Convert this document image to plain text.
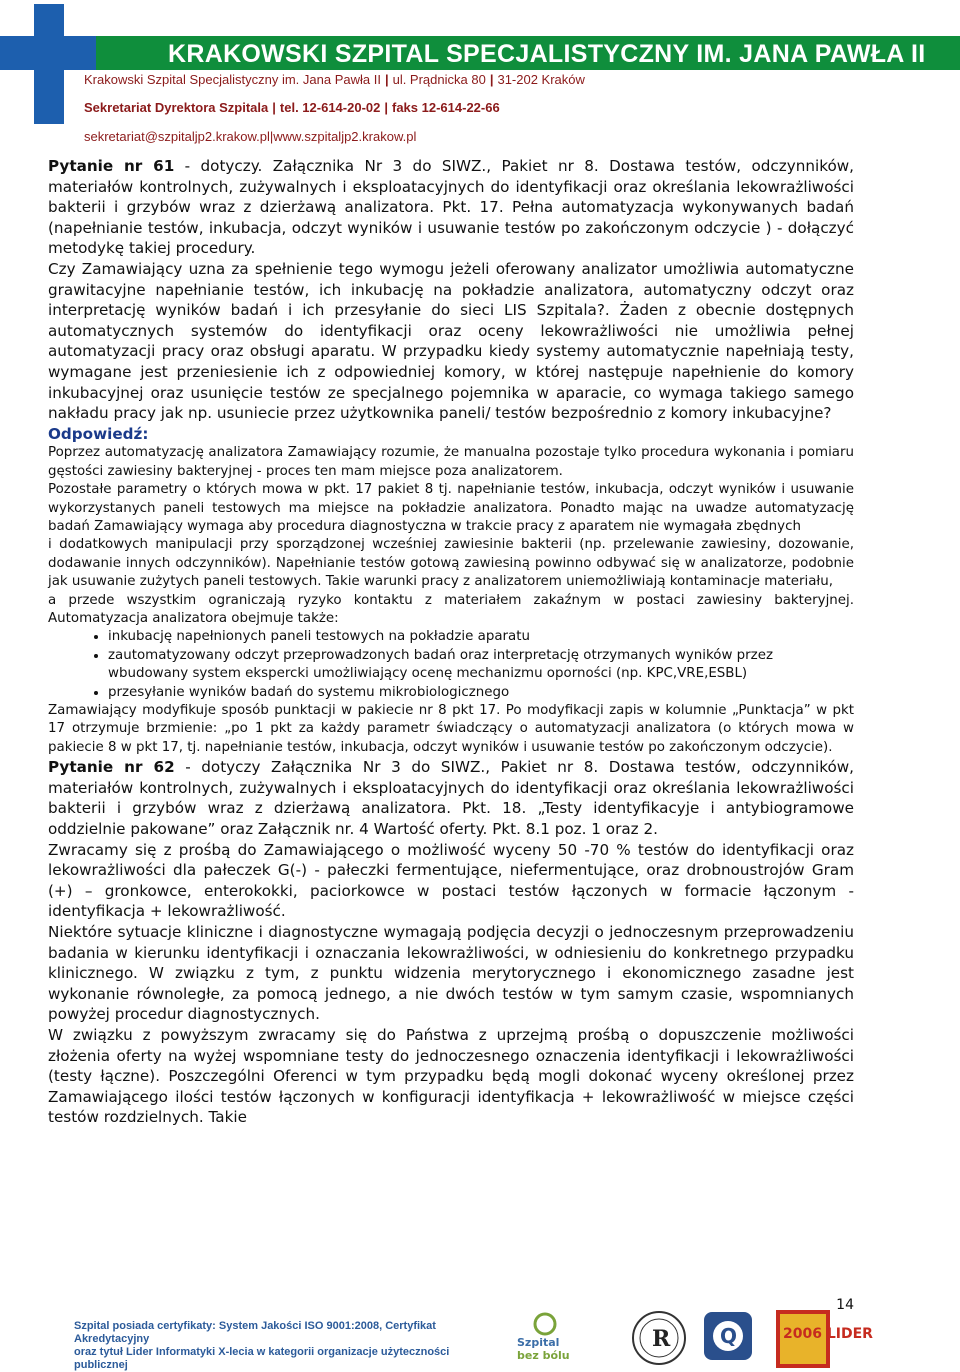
KRAKOWSKI SZPITAL SPECJALISTYCZNY IM. JANA PAWŁA II
Krakowski Szpital Specjalistyczny im. Jana Pawła II | ul. Prądnicka 80 | 31-202 Kraków
Sekretariat Dyrektora Szpitala | tel. 12-614-20-02 | faks 12-614-22-66
sekretariat@szpitaljp2.krakow.pl|www.szpitaljp2.krakow.pl

Pytanie nr 61 - dotyczy. Załącznika Nr 3 do SIWZ., Pakiet nr 8. Dostawa testów, odczynników, materiałów kontrolnych, zużywalnych i eksploatacyjnych do identyfikacji oraz określania lekowrażliwości bakterii i grzybów wraz z dzierżawą analizatora. Pkt. 17. Pełna automatyzacja wykonywanych badań (napełnianie testów, inkubacja, odczyt wyników i usuwanie testów po zakończonym odczycie ) - dołączyć metodykę takiej procedury.

Czy Zamawiający uzna za spełnienie tego wymogu jeżeli oferowany analizator umożliwia automatyczne grawitacyjne napełnianie testów, ich inkubację na pokładzie analizatora, automatyczny odczyt oraz interpretację wyników badań i ich przesyłanie do sieci LIS Szpitala?. Żaden z obecnie dostępnych automatycznych systemów do identyfikacji oraz oceny lekowrażliwości nie umożliwia pełnej automatyzacji pracy oraz obsługi aparatu. W przypadku kiedy systemy automatycznie napełniają testy, wymagane jest przeniesienie ich z odpowiedniej komory, w której następuje napełnienie do komory inkubacyjnej oraz usunięcie testów ze specjalnego pojemnika w aparacie, co wymaga takiego samego nakładu pracy jak np. usuniecie przez użytkownika paneli/ testów bezpośrednio z komory inkubacyjne?

Odpowiedź:

Poprzez automatyzację analizatora Zamawiający rozumie, że manualna pozostaje tylko procedura wykonania i pomiaru gęstości zawiesiny bakteryjnej - proces ten mam miejsce poza analizatorem.

Pozostałe parametry o których mowa w pkt. 17 pakiet 8 tj. napełnianie testów, inkubacja, odczyt wyników i usuwanie wykorzystanych paneli testowych ma miejsce na pokładzie analizatora. Ponadto mając na uwadze automatyzację badań Zamawiający wymaga aby procedura diagnostyczna w trakcie pracy z aparatem nie wymagała zbędnych

i dodatkowych manipulacji przy sporządzonej wcześniej zawiesinie bakterii (np. przelewanie zawiesiny, dozowanie, dodawanie innych odczynników). Napełnianie testów gotową zawiesiną powinno odbywać się w analizatorze, podobnie jak usuwanie zużytych paneli testowych. Takie warunki pracy z analizatorem uniemożliwiają kontaminacje materiału,

a przede wszystkim ograniczają ryzyko kontaktu z materiałem zakaźnym w postaci zawiesiny bakteryjnej. Automatyzacja analizatora obejmuje także:

• inkubację napełnionych paneli testowych na pokładzie aparatu
• zautomatyzowany odczyt przeprowadzonych badań oraz interpretację otrzymanych wyników przez wbudowany system ekspercki umożliwiający ocenę mechanizmu oporności (np. KPC,VRE,ESBL)
• przesyłanie wyników badań do systemu mikrobiologicznego

Zamawiający modyfikuje sposób punktacji w pakiecie nr 8 pkt 17. Po modyfikacji zapis w kolumnie „Punktacja” w pkt 17 otrzymuje brzmienie: „po 1 pkt za każdy parametr świadczący o automatyzacji analizatora (o których mowa w pakiecie 8 w pkt 17, tj. napełnianie testów, inkubacja, odczyt wyników i usuwanie testów po zakończonym odczycie).

Pytanie nr 62 - dotyczy Załącznika Nr 3 do SIWZ., Pakiet nr 8. Dostawa testów, odczynników, materiałów kontrolnych, zużywalnych i eksploatacyjnych do identyfikacji oraz określania lekowrażliwości bakterii i grzybów wraz z dzierżawą analizatora. Pkt. 18. „Testy identyfikacyje i antybiogramowe oddzielnie pakowane” oraz Załącznik nr. 4 Wartość oferty. Pkt. 8.1 poz. 1 oraz 2.

Zwracamy się z prośbą do Zamawiającego o możliwość wyceny 50 -70 % testów do identyfikacji oraz lekowrażliwości dla pałeczek G(-) - pałeczki fermentujące, niefermentujące, oraz drobnoustrojów Gram (+) – gronkowce, enterokokki, paciorkowce w postaci testów łączonych w formacie łączonym - identyfikacja + lekowrażliwość.

Niektóre sytuacje kliniczne i diagnostyczne wymagają podjęcia decyzji o jednoczesnym przeprowadzeniu badania w kierunku identyfikacji i oznaczania lekowrażliwości, w odniesieniu do konkretnego przypadku klinicznego. W związku z tym, z punktu widzenia merytorycznego i ekonomicznego zasadne jest wykonanie równoległe, za pomocą jednego, a nie dwóch testów w tym samym czasie, wspomnianych powyżej procedur diagnostycznych.

W związku z powyższym zwracamy się do Państwa z uprzejmą prośbą o dopuszczenie możliwości złożenia oferty na wyżej wspomniane testy do jednoczesnego oznaczenia identyfikacji i lekowrażliwości (testy łączne). Poszczególni Oferenci w tym przypadku będą mogli dokonać wyceny określonej przez Zamawiającego ilości testów łączonych w konfiguracji identyfikacja + lekowrażliwość w miejsce części testów rozdzielnych. Takie

14
Szpital posiada certyfikaty: System Jakości ISO 9001:2008, Certyfikat Akredytacyjny
oraz tytuł Lider Informatyki X-lecia w kategorii organizacje użyteczności publicznej
Szpital
bez bólu
R Q	2006 LIDER
